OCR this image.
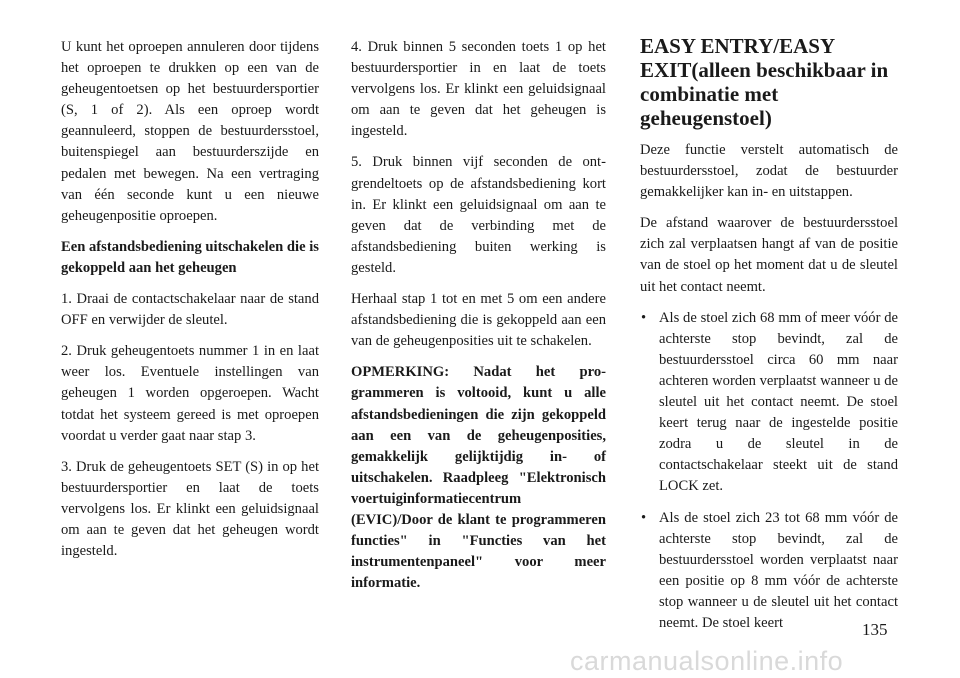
U kunt het oproepen annuleren door tijdens het oproepen te drukken op een van de geheugentoetsen op het bestuurdersportier (S, 1 of 2). Als een oproep wordt geannuleerd, stoppen de bestuurdersstoel, buitenspiegel aan bestuurderszijde en pedalen met bewegen. Na een vertraging van één seconde kunt u een nieuwe geheugenpositie oproepen.

Een afstandsbediening uitschakelen die is gekoppeld aan het geheugen

1. Draai de contactschakelaar naar de stand OFF en verwijder de sleutel.

2. Druk geheugentoets nummer 1 in en laat weer los. Eventuele instellingen van geheugen 1 worden opgeroepen. Wacht totdat het systeem gereed is met oproepen voordat u verder gaat naar stap 3.

3. Druk de geheugentoets SET (S) in op het bestuurdersportier en laat de toets vervolgens los. Er klinkt een geluidsignaal om aan te geven dat het geheugen wordt ingesteld.

4. Druk binnen 5 seconden toets 1 op het bestuurdersportier in en laat de toets vervolgens los. Er klinkt een geluidsignaal om aan te geven dat het geheugen is ingesteld.

5. Druk binnen vijf seconden de ontgrendeltoets op de afstandsbediening kort in. Er klinkt een geluidsignaal om aan te geven dat de verbinding met de afstandsbediening buiten werking is gesteld.

Herhaal stap 1 tot en met 5 om een andere afstandsbediening die is gekoppeld aan een van de geheugenposities uit te schakelen.

OPMERKING: Nadat het programmeren is voltooid, kunt u alle afstandsbedieningen die zijn gekoppeld aan een van de geheugenposities, gemakkelijk gelijktijdig in- of uitschakelen. Raadpleeg "Elektronisch voertuiginformatiecentrum (EVIC)/Door de klant te programmeren functies" in "Functies van het instrumentenpaneel" voor meer informatie.

EASY ENTRY/EASY EXIT(alleen beschikbaar in combinatie met geheugenstoel)

Deze functie verstelt automatisch de bestuurdersstoel, zodat de bestuurder gemakkelijker kan in- en uitstappen.

De afstand waarover de bestuurdersstoel zich zal verplaatsen hangt af van de positie van de stoel op het moment dat u de sleutel uit het contact neemt.

• Als de stoel zich 68 mm of meer vóór de achterste stop bevindt, zal de bestuurdersstoel circa 60 mm naar achteren worden verplaatst wanneer u de sleutel uit het contact neemt. De stoel keert terug naar de ingestelde positie zodra u de sleutel in de contactschakelaar steekt uit de stand LOCK zet.
• Als de stoel zich 23 tot 68 mm vóór de achterste stop bevindt, zal de bestuurdersstoel worden verplaatst naar een positie op 8 mm vóór de achterste stop wanneer u de sleutel uit het contact neemt. De stoel keert	135
carmanualsonline.info
